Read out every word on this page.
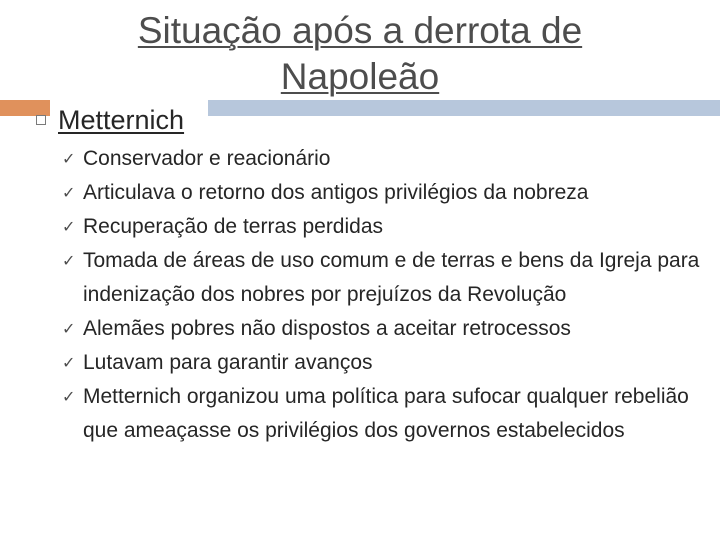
Situação após a derrota de Napoleão
Metternich
✓ Conservador e reacionário
✓ Articulava o retorno dos antigos privilégios da nobreza
✓ Recuperação de terras perdidas
✓ Tomada de áreas de uso comum e de terras e bens da Igreja para indenização dos nobres por prejuízos da Revolução
✓ Alemães pobres não dispostos a aceitar retrocessos
✓ Lutavam para garantir avanços
✓ Metternich organizou uma política para sufocar qualquer rebelião que ameaçasse os privilégios dos governos estabelecidos
